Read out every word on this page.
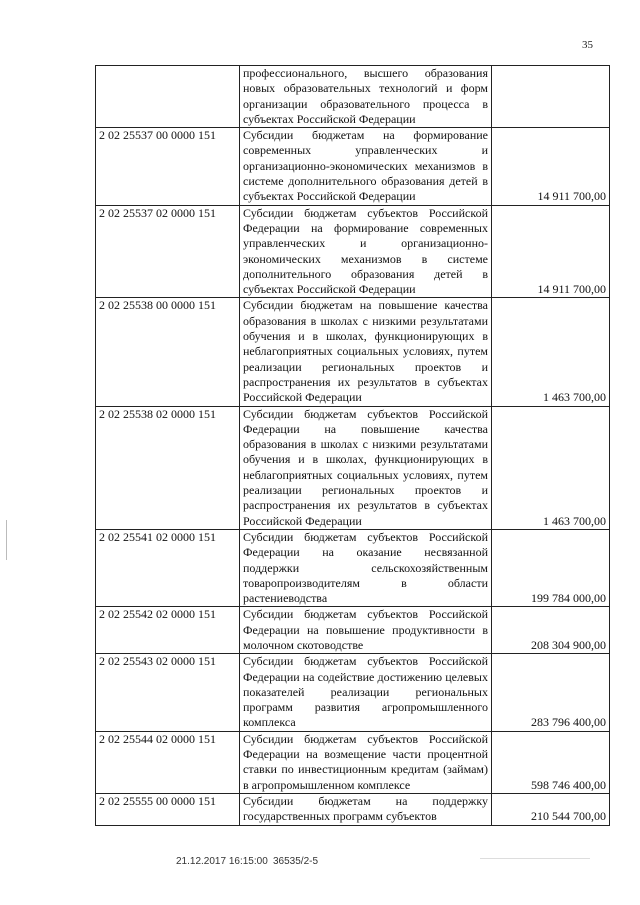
35
	профессионального, высшего образования новых образовательных технологий и форм организации образовательного процесса в субъектах Российской Федерации	
2 02 25537 00 0000 151	Субсидии бюджетам на формирование современных управленческих и организационно-экономических механизмов в системе дополнительного образования детей в субъектах Российской Федерации	14 911 700,00
2 02 25537 02 0000 151	Субсидии бюджетам субъектов Российской Федерации на формирование современных управленческих и организационно-экономических механизмов в системе дополнительного образования детей в субъектах Российской Федерации	14 911 700,00
2 02 25538 00 0000 151	Субсидии бюджетам на повышение качества образования в школах с низкими результатами обучения и в школах, функционирующих в неблагоприятных социальных условиях, путем реализации региональных проектов и распространения их результатов в субъектах Российской Федерации	1 463 700,00
2 02 25538 02 0000 151	Субсидии бюджетам субъектов Российской Федерации на повышение качества образования в школах с низкими результатами обучения и в школах, функционирующих в неблагоприятных социальных условиях, путем реализации региональных проектов и распространения их результатов в субъектах Российской Федерации	1 463 700,00
2 02 25541 02 0000 151	Субсидии бюджетам субъектов Российской Федерации на оказание несвязанной поддержки сельскохозяйственным товаропроизводителям в области растениеводства	199 784 000,00
2 02 25542 02 0000 151	Субсидии бюджетам субъектов Российской Федерации на повышение продуктивности в молочном скотоводстве	208 304 900,00
2 02 25543 02 0000 151	Субсидии бюджетам субъектов Российской Федерации на содействие достижению целевых показателей реализации региональных программ развития агропромышленного комплекса	283 796 400,00
2 02 25544 02 0000 151	Субсидии бюджетам субъектов Российской Федерации на возмещение части процентной ставки по инвестиционным кредитам (займам) в агропромышленном комплексе	598 746 400,00
2 02 25555 00 0000 151	Субсидии бюджетам на поддержку государственных программ субъектов	210 544 700,00
21.12.2017 16:15:00 36535/2-5
